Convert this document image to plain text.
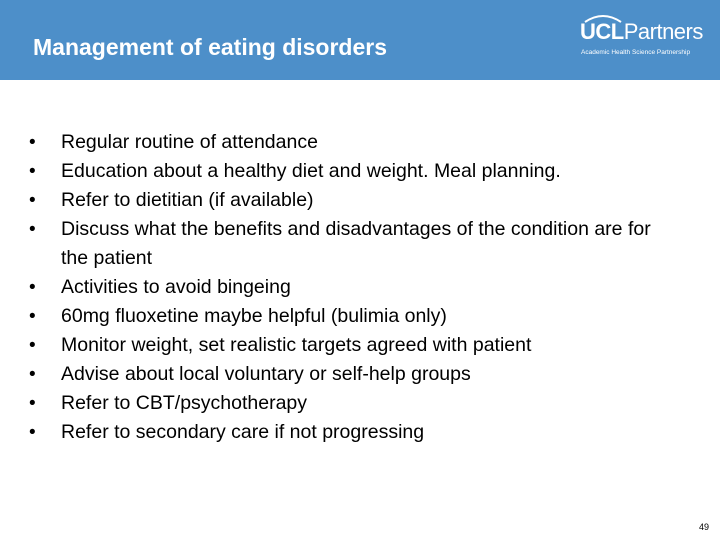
Management of eating disorders
UCLPartners
Academic Health Science Partnership
• Regular routine of attendance
• Education about a healthy diet and weight. Meal planning.
• Refer to dietitian (if available)
• Discuss what the benefits and disadvantages of the condition are for the patient
• Activities to avoid bingeing
• 60mg fluoxetine maybe helpful (bulimia only)
• Monitor weight, set realistic targets agreed with patient
• Advise about local voluntary or self-help groups
• Refer to CBT/psychotherapy
• Refer to secondary care if not progressing
49
